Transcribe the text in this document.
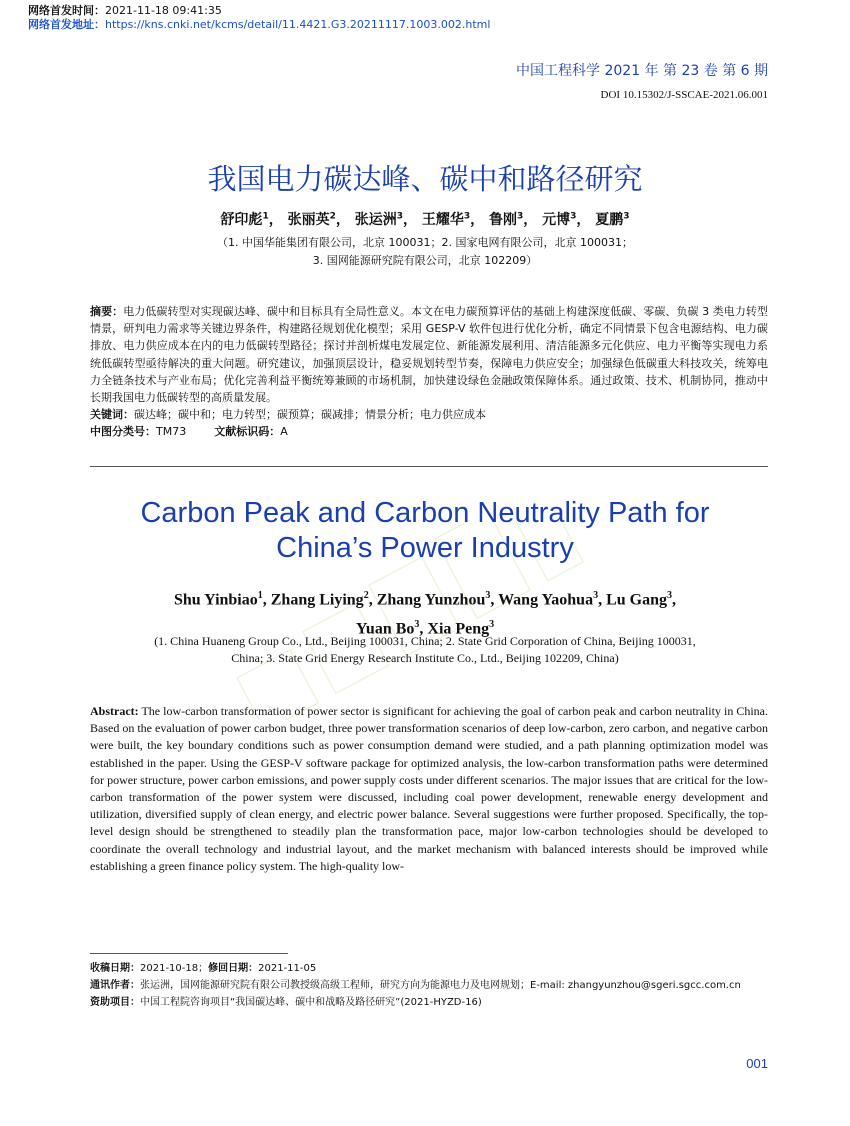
网络首发时间：2021-11-18 09:41:35
网络首发地址：https://kns.cnki.net/kcms/detail/11.4421.G3.20211117.1003.002.html
中国工程科学 2021 年 第 23 卷 第 6 期
DOI 10.15302/J-SSCAE-2021.06.001
我国电力碳达峰、碳中和路径研究
舒印彪$^1$， 张丽英$^2$， 张运洲$^3$， 王耀华$^3$， 鲁刚$^3$， 元博$^3$， 夏鹏$^3$
（1. 中国华能集团有限公司，北京 100031；2. 国家电网有限公司，北京 100031；
3. 国网能源研究院有限公司，北京 102209）
摘要：电力低碳转型对实现碳达峰、碳中和目标具有全局性意义。本文在电力碳预算评估的基础上构建深度低碳、零碳、负碳 3 类电力转型情景，研判电力需求等关键边界条件，构建路径规划优化模型；采用 GESP-V 软件包进行优化分析，确定不同情景下包含电源结构、电力碳排放、电力供应成本在内的电力低碳转型路径；探讨并剖析煤电发展定位、新能源发展利用、清洁能源多元化供应、电力平衡等实现电力系统低碳转型亟待解决的重大问题。研究建议，加强顶层设计，稳妥规划转型节奏，保障电力供应安全；加强绿色低碳重大科技攻关，统筹电力全链条技术与产业布局；优化完善利益平衡统筹兼顾的市场机制，加快建设绿色金融政策保障体系。通过政策、技术、机制协同，推动中长期我国电力低碳转型的高质量发展。
关键词：碳达峰；碳中和；电力转型；碳预算；碳减排；情景分析；电力供应成本
中图分类号：TM73	文献标识码：A
Carbon Peak and Carbon Neutrality Path for
China’s Power Industry
Shu Yinbiao$^1$, Zhang Liying$^2$, Zhang Yunzhou$^3$, Wang Yaohua$^3$, Lu Gang$^3$,
Yuan Bo$^3$, Xia Peng$^3$
(1. China Huaneng Group Co., Ltd., Beijing 100031, China; 2. State Grid Corporation of China, Beijing 100031,
China; 3. State Grid Energy Research Institute Co., Ltd., Beijing 102209, China)
Abstract: The low-carbon transformation of power sector is significant for achieving the goal of carbon peak and carbon neutrality in China. Based on the evaluation of power carbon budget, three power transformation scenarios of deep low-carbon, zero carbon, and negative carbon were built, the key boundary conditions such as power consumption demand were studied, and a path planning optimization model was established in the paper. Using the GESP-V software package for optimized analysis, the low-carbon transformation paths were determined for power structure, power carbon emissions, and power supply costs under different scenarios. The major issues that are critical for the low-carbon transformation of the power system were discussed, including coal power development, renewable energy development and utilization, diversified supply of clean energy, and electric power balance. Several suggestions were further proposed. Specifically, the top-level design should be strengthened to steadily plan the transformation pace, major low-carbon technologies should be developed to coordinate the overall technology and industrial layout, and the market mechanism with balanced interests should be improved while establishing a green finance policy system. The high-quality low-
收稿日期：2021-10-18；修回日期：2021-11-05
通讯作者：张运洲，国网能源研究院有限公司教授级高级工程师，研究方向为能源电力及电网规划；E-mail: zhangyunzhou@sgeri.sgcc.com.cn
资助项目：中国工程院咨询项目“我国碳达峰、碳中和战略及路径研究”(2021-HYZD-16)
001
